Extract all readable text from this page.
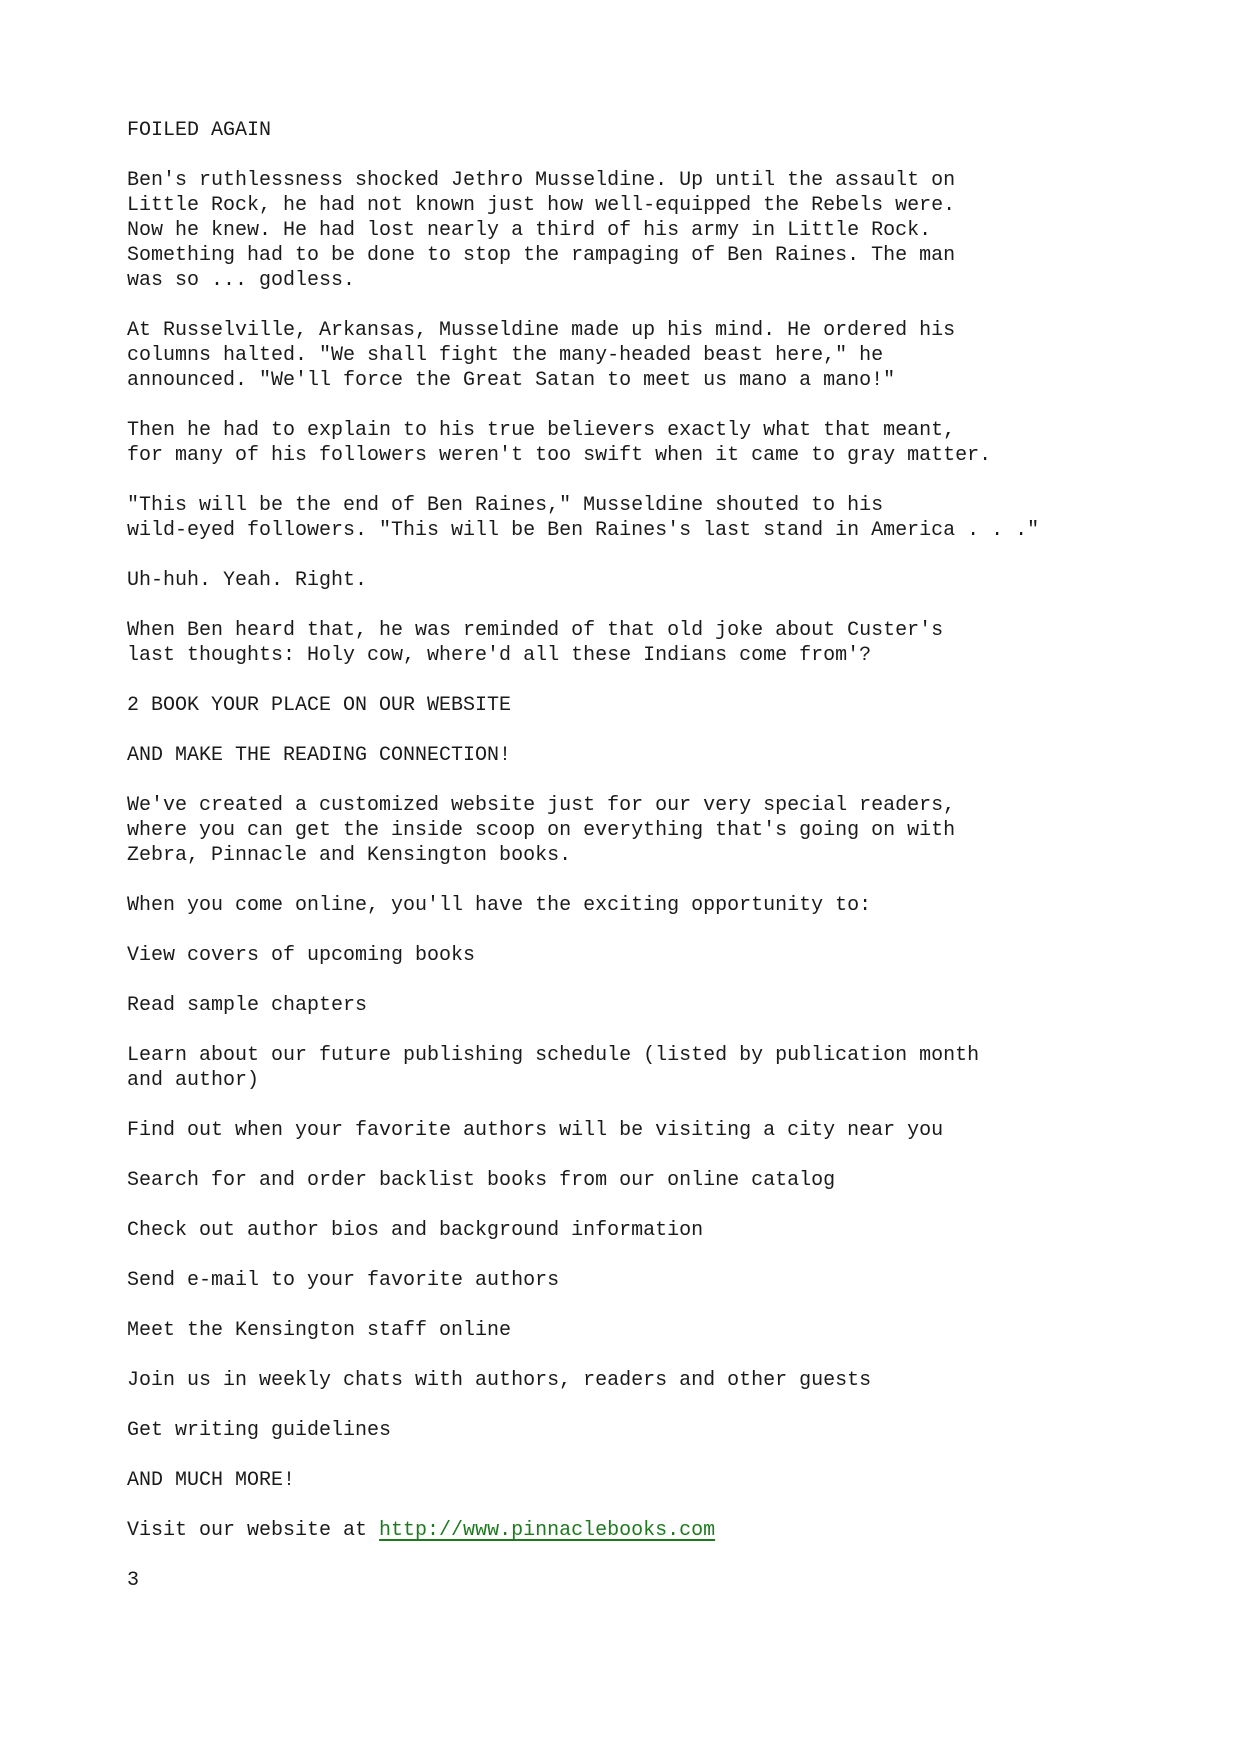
FOILED AGAIN
Ben's ruthlessness shocked Jethro Musseldine. Up until the assault on
Little Rock, he had not known just how well-equipped the Rebels were.
Now he knew. He had lost nearly a third of his army in Little Rock.
Something had to be done to stop the rampaging of Ben Raines. The man
was so ... godless.
At Russelville, Arkansas, Musseldine made up his mind. He ordered his
columns halted. "We shall fight the many-headed beast here," he
announced. "We'll force the Great Satan to meet us mano a mano!"
Then he had to explain to his true believers exactly what that meant,
for many of his followers weren't too swift when it came to gray matter.
"This will be the end of Ben Raines," Musseldine shouted to his
wild-eyed followers. "This will be Ben Raines's last stand in America . . ."
Uh-huh. Yeah. Right.
When Ben heard that, he was reminded of that old joke about Custer's
last thoughts: Holy cow, where'd all these Indians come from'?
2 BOOK YOUR PLACE ON OUR WEBSITE
AND MAKE THE READING CONNECTION!
We've created a customized website just for our very special readers,
where you can get the inside scoop on everything that's going on with
Zebra, Pinnacle and Kensington books.
When you come online, you'll have the exciting opportunity to:
View covers of upcoming books
Read sample chapters
Learn about our future publishing schedule (listed by publication month
and author)
Find out when your favorite authors will be visiting a city near you
Search for and order backlist books from our online catalog
Check out author bios and background information
Send e-mail to your favorite authors
Meet the Kensington staff online
Join us in weekly chats with authors, readers and other guests
Get writing guidelines
AND MUCH MORE!
Visit our website at http://www.pinnaclebooks.com
3
